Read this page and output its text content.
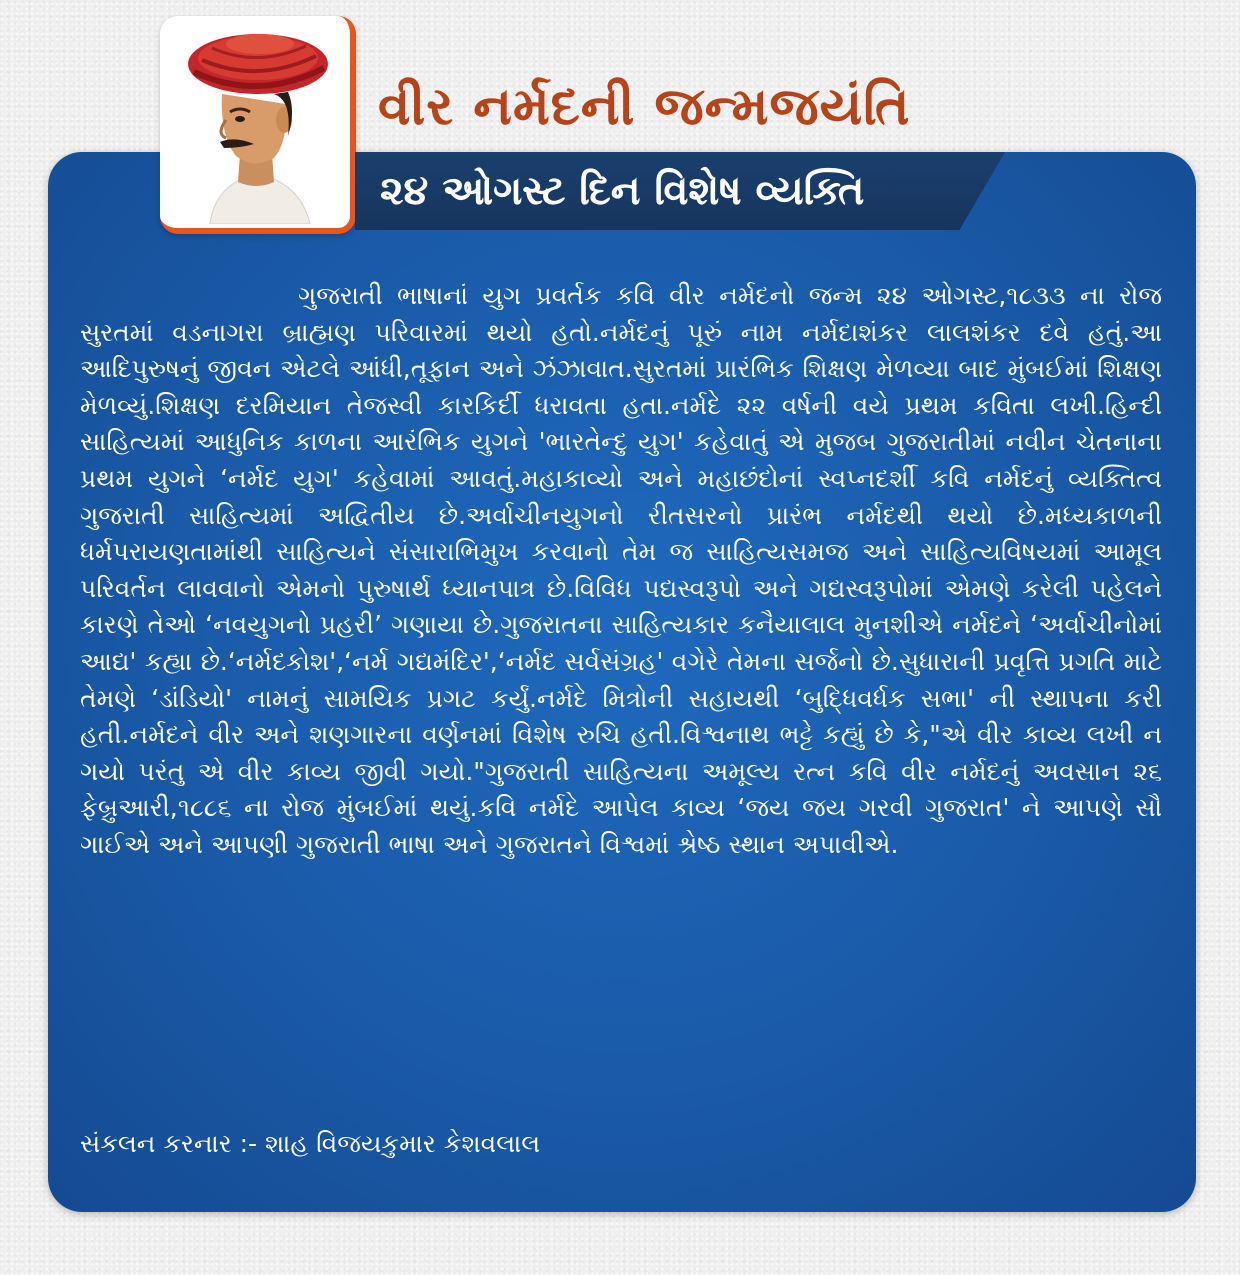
વીર નર્મદની જન્મજયંતિ
૨૪ ઓગસ્ટ દિન વિશેષ વ્યક્તિ
ગુજરાતી ભાષાનાં યુગ પ્રવર્તક કવિ વીર નર્મદનો જન્મ ૨૪ ઓગસ્ટ,૧૮૩૩ ના રોજ સુરતમાં વડનાગરા બ્રાહ્મણ પરિવારમાં થયો હતો.નર્મદનું પૂરું નામ નર્મદાશંકર લાલશંકર દવે હતું.આ આદિપુરુષનું જીવન એટલે આંધી,તૂફાન અને ઝંઝાવાત.સુરતમાં પ્રારંભિક શિક્ષણ મેળવ્યા બાદ મુંબઈમાં શિક્ષણ મેળવ્યું.શિક્ષણ દરમિયાન તેજસ્વી કારકિર્દી ધરાવતા હતા.નર્મદે ૨૨ વર્ષની વયે પ્રથમ કવિતા લખી.હિન્દી સાહિત્યમાં આધુનિક કાળના આરંભિક યુગને 'ભારતેન્દુ યુગ' કહેવાતું એ મુજબ ગુજરાતીમાં નવીન ચેતનાના પ્રથમ યુગને ‘નર્મદ યુગ' કહેવામાં આવતું.મહાકાવ્યો અને મહાછંદોનાં સ્વપ્નદર્શી કવિ નર્મદનું વ્યક્તિત્વ ગુજરાતી સાહિત્યમાં અદ્વિતીય છે.અર્વાચીનયુગનો રીતસરનો પ્રારંભ નર્મદથી થયો છે.મધ્યકાળની ધર્મપરાયણતામાંથી સાહિત્યને સંસારાભિમુખ કરવાનો તેમ જ સાહિત્યસમજ અને સાહિત્યવિષયમાં આમૂલ પરિવર્તન લાવવાનો એમનો પુરુષાર્થ ધ્યાનપાત્ર છે.વિવિધ પદ્યસ્વરૂપો અને ગદ્યસ્વરૂપોમાં એમણે કરેલી પહેલને કારણે તેઓ ‘નવયુગનો પ્રહરી’ ગણાયા છે.ગુજરાતના સાહિત્યકાર કનૈયાલાલ મુનશીએ નર્મદને ‘અર્વાચીનોમાં આદ્ય' કહ્યા છે.‘નર્મદકોશ',‘નર્મ ગદ્યમંદિર',‘નર્મદ સર્વસંગ્રહ' વગેરે તેમના સર્જનો છે.સુધારાની પ્રવૃત્તિ પ્રગતિ માટે તેમણે ‘ડાંડિયો' નામનું સામયિક પ્રગટ કર્યું.નર્મદે મિત્રોની સહાયથી ‘બુદ્ધિવર્ધક સભા' ની સ્થાપના કરી હતી.નર્મદને વીર અને શણગારના વર્ણનમાં વિશેષ રુચિ હતી.વિશ્વનાથ ભટ્ટે કહ્યું છે કે,"એ વીર કાવ્ય લખી ન ગયો પરંતુ એ વીર કાવ્ય જીવી ગયો."ગુજરાતી સાહિત્યના અમૂલ્ય રત્ન કવિ વીર નર્મદનું અવસાન ૨૬ ફેબ્રુઆરી,૧૮૮૬ ના રોજ મુંબઈમાં થયું.કવિ નર્મદે આપેલ કાવ્ય ‘જય જય ગરવી ગુજરાત' ને આપણે સૌ ગાઈએ અને આપણી ગુજરાતી ભાષા અને ગુજરાતને વિશ્વમાં શ્રેષ્ઠ સ્થાન અપાવીએ.
સંકલન કરનાર :- શાહ વિજયકુમાર કેશવલાલ
